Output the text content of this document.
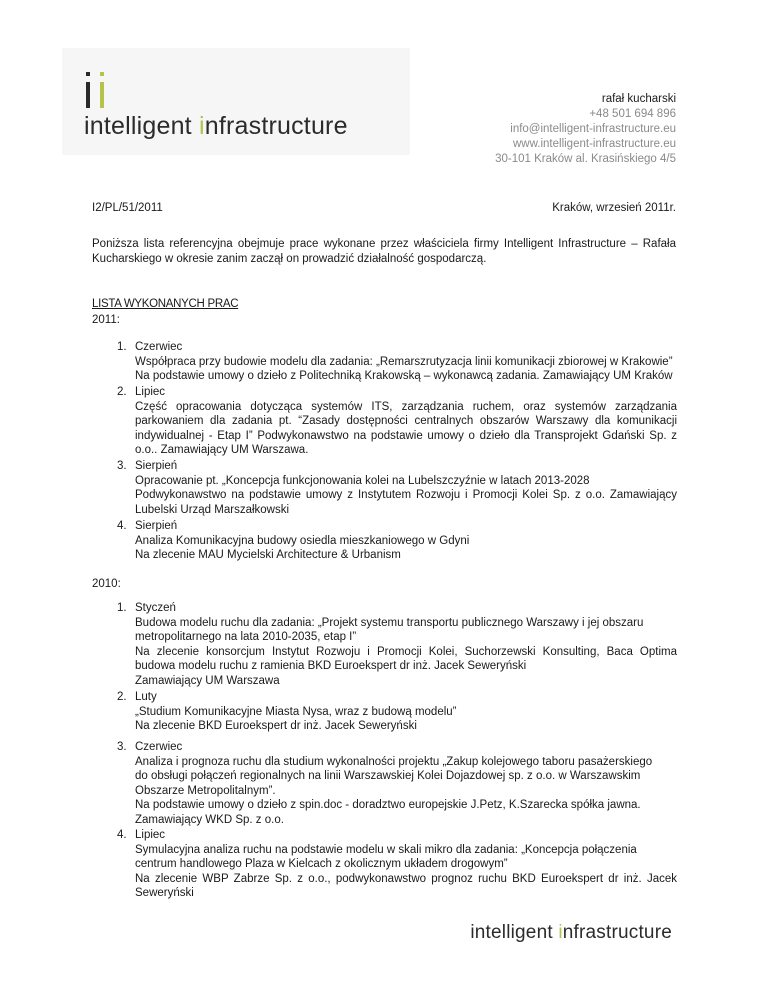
intelligent infrastructure
rafał kucharski
+48 501 694 896
info@intelligent-infrastructure.eu
www.intelligent-infrastructure.eu
30-101 Kraków al. Krasińskiego 4/5
I2/PL/51/2011	Kraków, wrzesień 2011r.
Poniższa lista referencyjna obejmuje prace wykonane przez właściciela firmy Intelligent Infrastructure – Rafała Kucharskiego w okresie zanim zaczął on prowadzić działalność gospodarczą.
LISTA WYKONANYCH PRAC
2011:
1. Czerwiec
Współpraca przy budowie modelu dla zadania: „Remarszrutyzacja linii komunikacji zbiorowej w Krakowie”
Na podstawie umowy o dzieło z Politechniką Krakowską – wykonawcą zadania. Zamawiający UM Kraków
2. Lipiec
Część opracowania dotycząca systemów ITS, zarządzania ruchem, oraz systemów zarządzania parkowaniem dla zadania pt. “Zasady dostępności centralnych obszarów Warszawy dla komunikacji indywidualnej - Etap I” Podwykonawstwo na podstawie umowy o dzieło dla Transprojekt Gdański Sp. z o.o.. Zamawiający UM Warszawa.
3. Sierpień
Opracowanie pt. „Koncepcja funkcjonowania kolei na Lubelszczyźnie w latach 2013-2028
Podwykonawstwo na podstawie umowy z Instytutem Rozwoju i Promocji Kolei Sp. z o.o. Zamawiający Lubelski Urząd Marszałkowski
4. Sierpień
Analiza Komunikacyjna budowy osiedla mieszkaniowego w Gdyni
Na zlecenie MAU Mycielski Architecture & Urbanism
2010:
1. Styczeń
Budowa modelu ruchu dla zadania: „Projekt systemu transportu publicznego Warszawy i jej obszaru metropolitarnego na lata 2010-2035, etap I”
Na zlecenie konsorcjum Instytut Rozwoju i Promocji Kolei, Suchorzewski Konsulting, Baca Optima budowa modelu ruchu z ramienia BKD Euroekspert dr inż. Jacek Seweryński
Zamawiający UM Warszawa
2. Luty
„Studium Komunikacyjne Miasta Nysa, wraz z budową modelu”
Na zlecenie BKD Euroekspert dr inż. Jacek Seweryński
3. Czerwiec
Analiza i prognoza ruchu dla studium wykonalności projektu „Zakup kolejowego taboru pasażerskiego do obsługi połączeń regionalnych na linii Warszawskiej Kolei Dojazdowej sp. z o.o. w Warszawskim Obszarze Metropolitalnym”.
Na podstawie umowy o dzieło z spin.doc - doradztwo europejskie J.Petz, K.Szarecka spółka jawna.
Zamawiający WKD Sp. z o.o.
4. Lipiec
Symulacyjna analiza ruchu na podstawie modelu w skali mikro dla zadania: „Koncepcja połączenia centrum handlowego Plaza w Kielcach z okolicznym układem drogowym”
Na zlecenie WBP Zabrze Sp. z o.o., podwykonawstwo prognoz ruchu BKD Euroekspert dr inż. Jacek Seweryński
intelligent infrastructure
